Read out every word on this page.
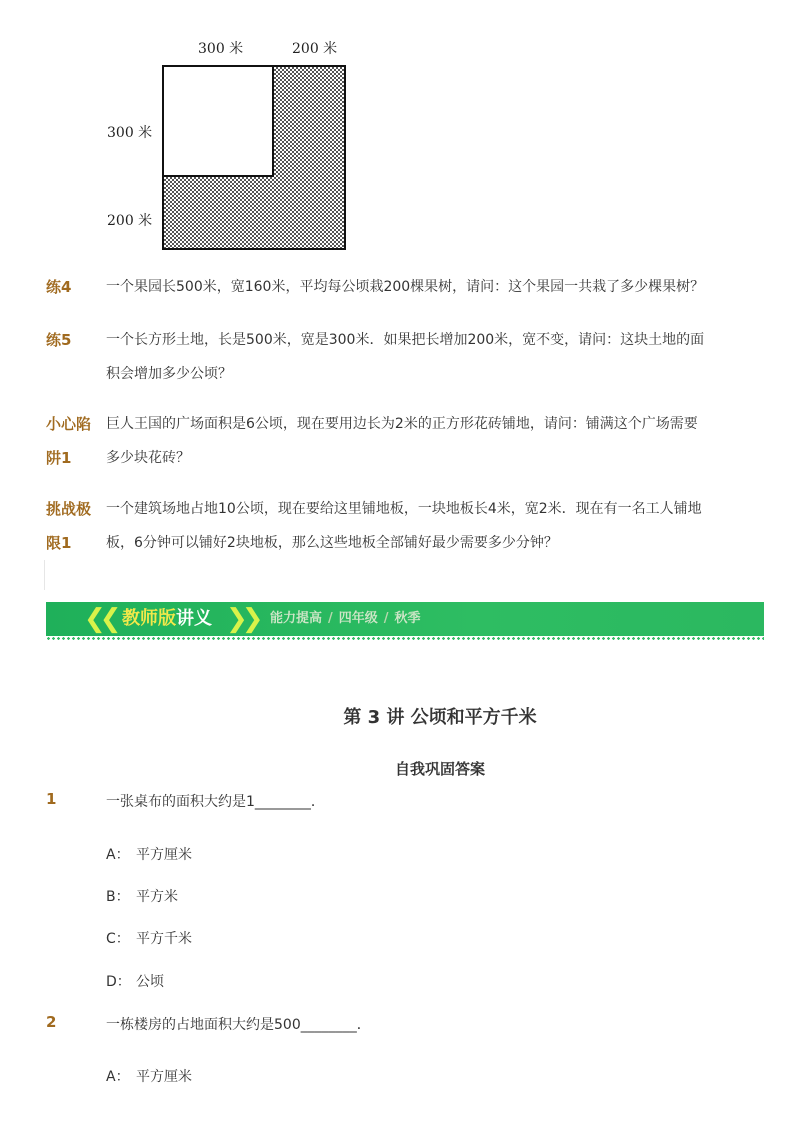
300 米	200 米
300 米
200 米
练4	一个果园长500米，宽160米，平均每公顷栽200棵果树，请问：这个果园一共栽了多少棵果树？
练5	一个长方形土地，长是500米，宽是300米．如果把长增加200米，宽不变，请问：这块土地的面
积会增加多少公顷？
小心陷
阱1
巨人王国的广场面积是6公顷，现在要用边长为2米的正方形花砖铺地，请问：铺满这个广场需要
多少块花砖？
挑战极
限1
一个建筑场地占地10公顷，现在要给这里铺地板，一块地板长4米，宽2米．现在有一名工人铺地
板，6分钟可以铺好2块地板，那么这些地板全部铺好最少需要多少分钟？
❮❮	❯❯
教师版讲义	能力提高 / 四年级 / 秋季
第 3 讲 公顷和平方千米
自我巩固答案
1	一张桌布的面积大约是1________．
A： 平方厘米
B： 平方米
C： 平方千米
D： 公顷
2	一栋楼房的占地面积大约是500________．
A： 平方厘米
